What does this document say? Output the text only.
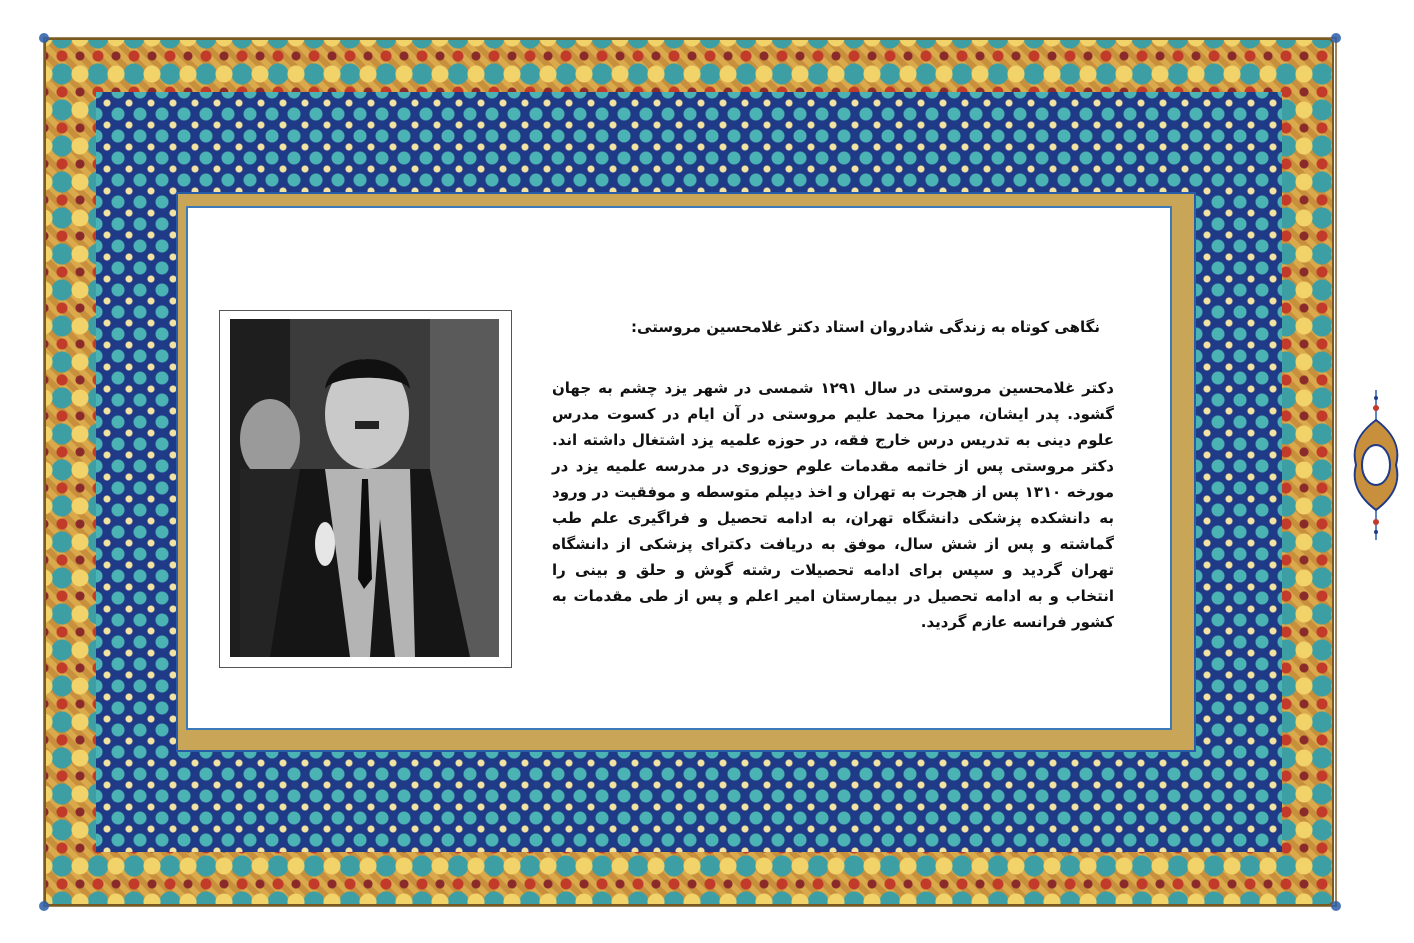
نگاهی کوتاه به زندگی شادروان استاد دکتر غلامحسین مروستی:
دکتر غلامحسین مروستی در سال ۱۲۹۱ شمسی در شهر یزد چشم به جهان گشود. پدر ایشان، میرزا محمد علیم مروستی در آن ایام در کسوت مدرس علوم دینی به تدریس درس خارج فقه، در حوزه علمیه یزد اشتغال داشته اند. دکتر مروستی پس از خاتمه مقدمات علوم حوزوی در مدرسه علمیه یزد در مورخه ۱۳۱۰ پس از هجرت به تهران و اخذ دیپلم متوسطه و موفقیت در ورود به دانشکده پزشکی دانشگاه تهران، به ادامه تحصیل و فراگیری علم طب گماشته و پس از شش سال، موفق به دریافت دکترای پزشکی از دانشگاه تهران گردید و سپس برای ادامه تحصیلات رشته گوش و حلق و بینی را انتخاب و به ادامه تحصیل در بیمارستان امیر اعلم و پس از طی مقدمات به کشور فرانسه عازم گردید.
